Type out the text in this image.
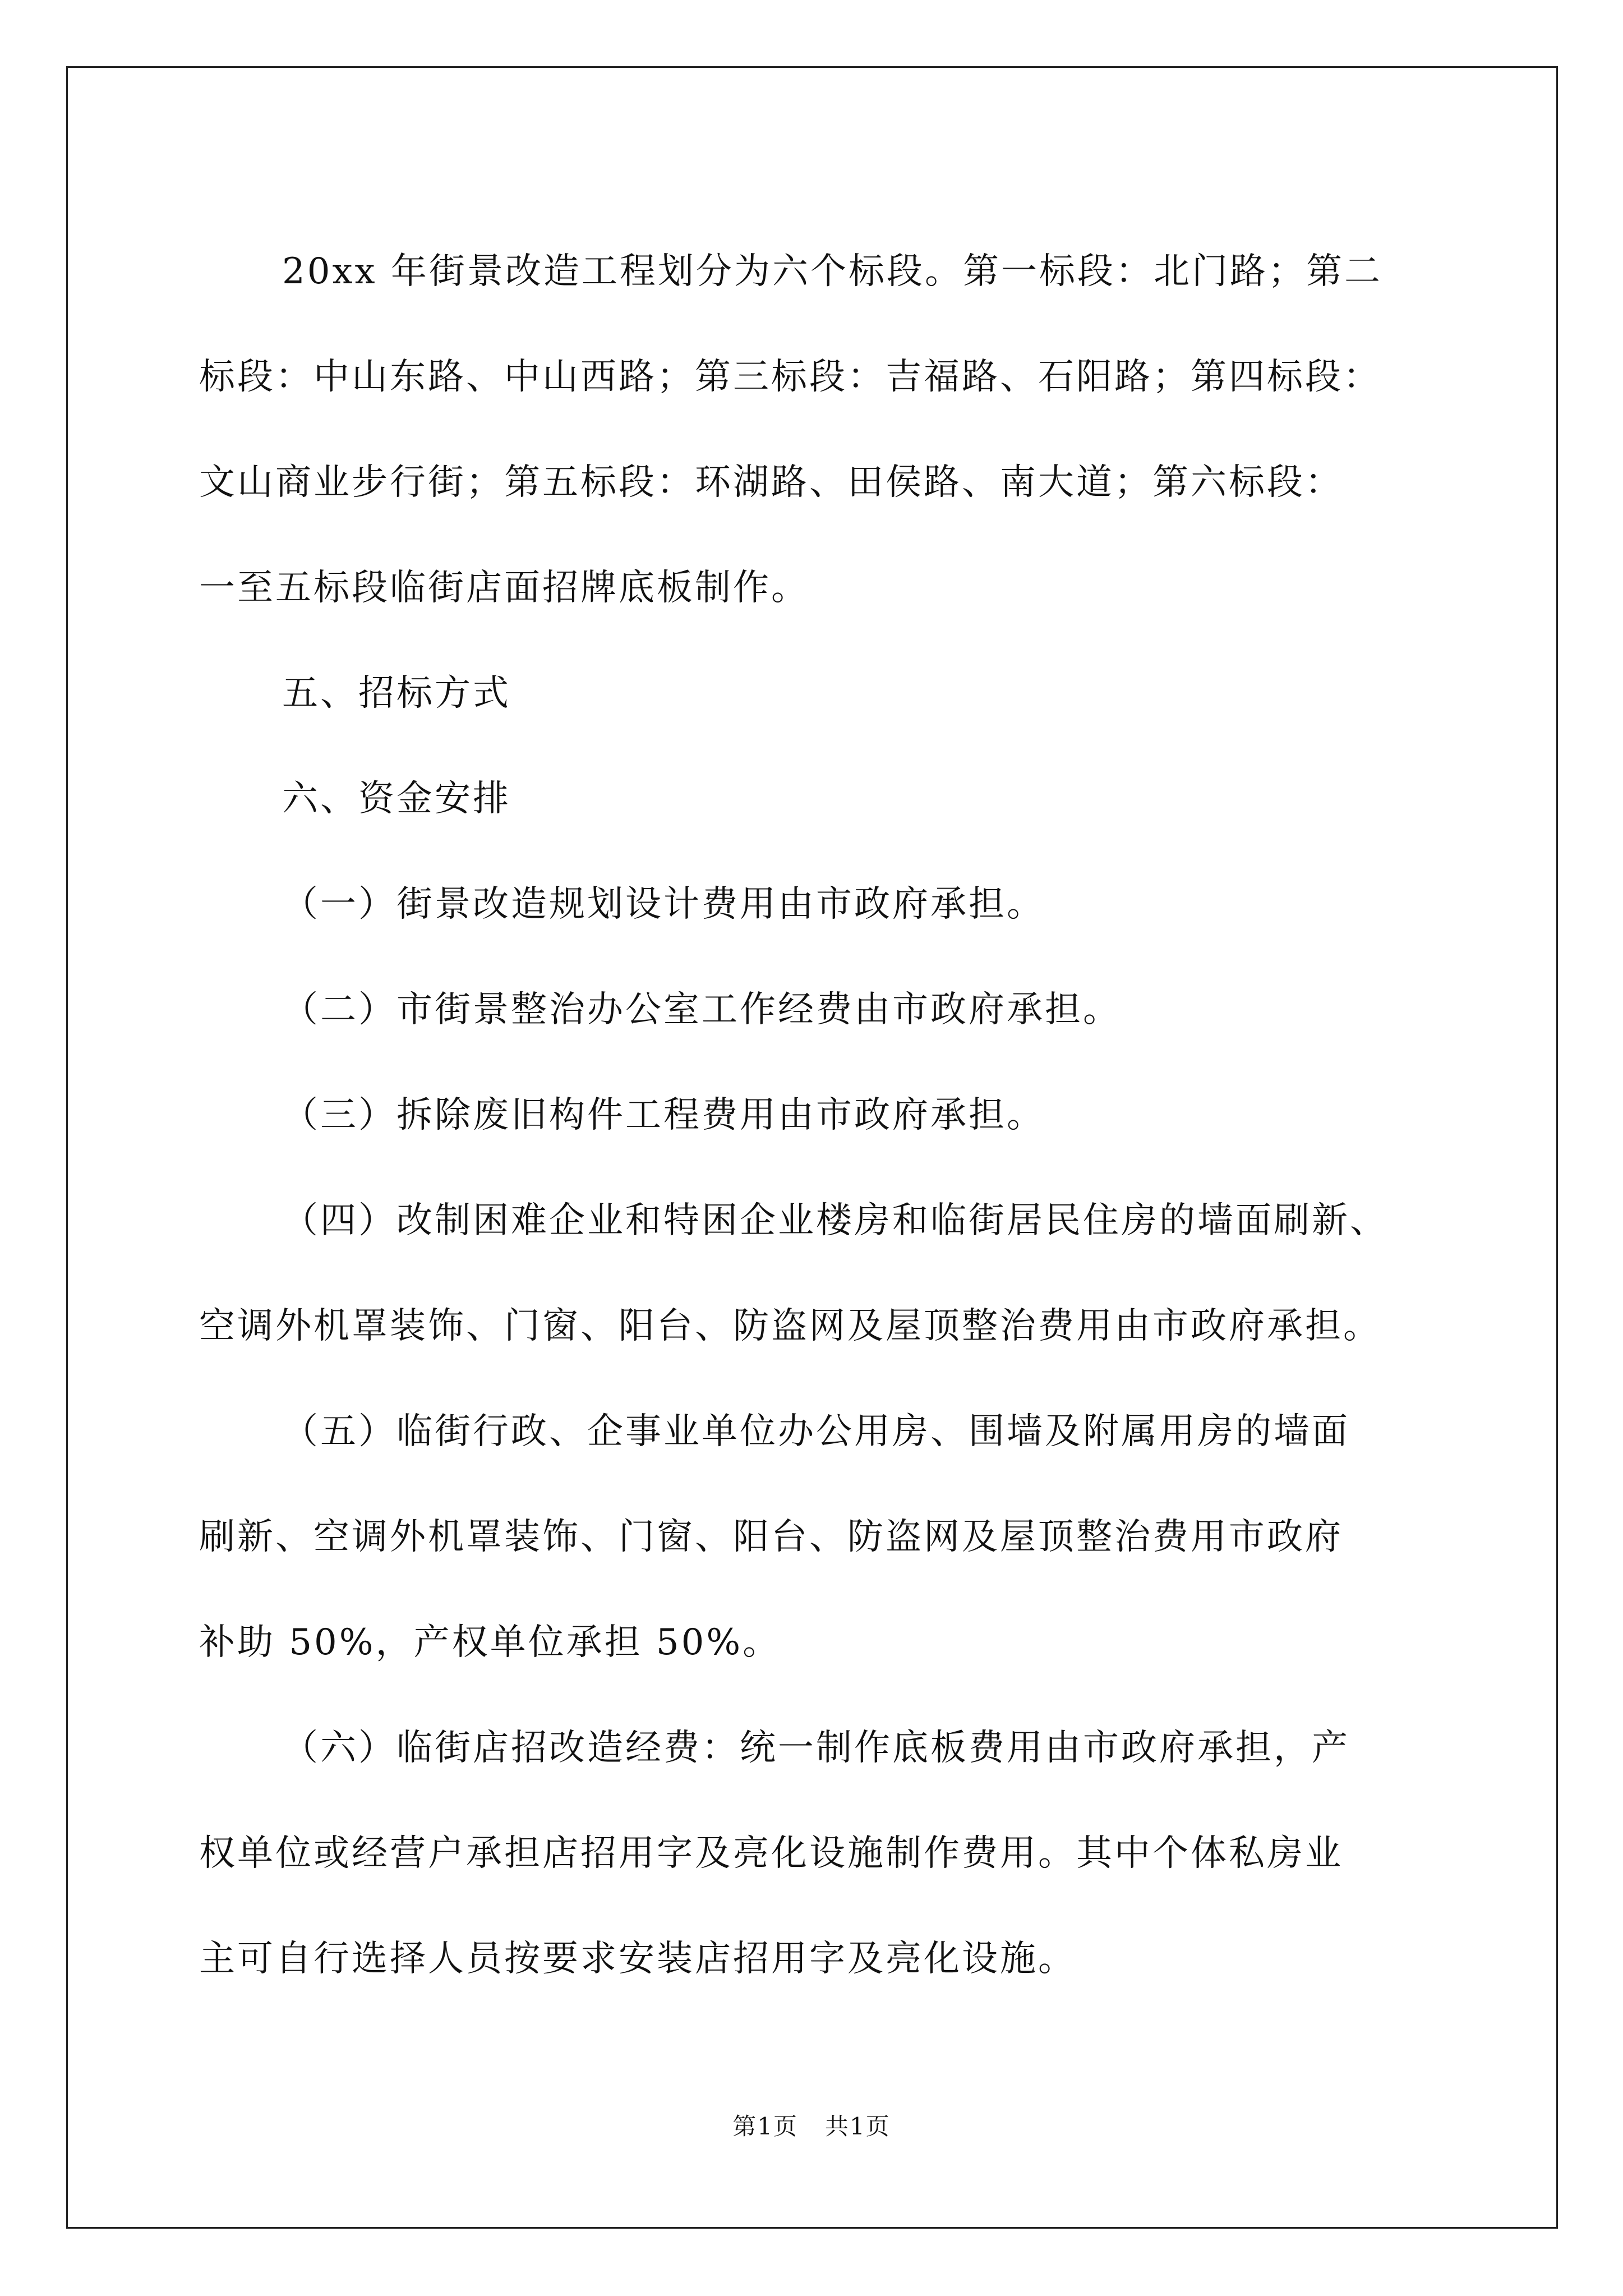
20xx 年街景改造工程划分为六个标段。第一标段：北门路；第二

标段：中山东路、中山西路；第三标段：吉福路、石阳路；第四标段：

文山商业步行街；第五标段：环湖路、田侯路、南大道；第六标段：

一至五标段临街店面招牌底板制作。

五、招标方式

六、资金安排

（一）街景改造规划设计费用由市政府承担。

（二）市街景整治办公室工作经费由市政府承担。

（三）拆除废旧构件工程费用由市政府承担。

（四）改制困难企业和特困企业楼房和临街居民住房的墙面刷新、

空调外机罩装饰、门窗、阳台、防盗网及屋顶整治费用由市政府承担。

（五）临街行政、企事业单位办公用房、围墙及附属用房的墙面

刷新、空调外机罩装饰、门窗、阳台、防盗网及屋顶整治费用市政府

补助 50%，产权单位承担 50%。

（六）临街店招改造经费：统一制作底板费用由市政府承担，产

权单位或经营户承担店招用字及亮化设施制作费用。其中个体私房业

主可自行选择人员按要求安装店招用字及亮化设施。

第1页 共1页
